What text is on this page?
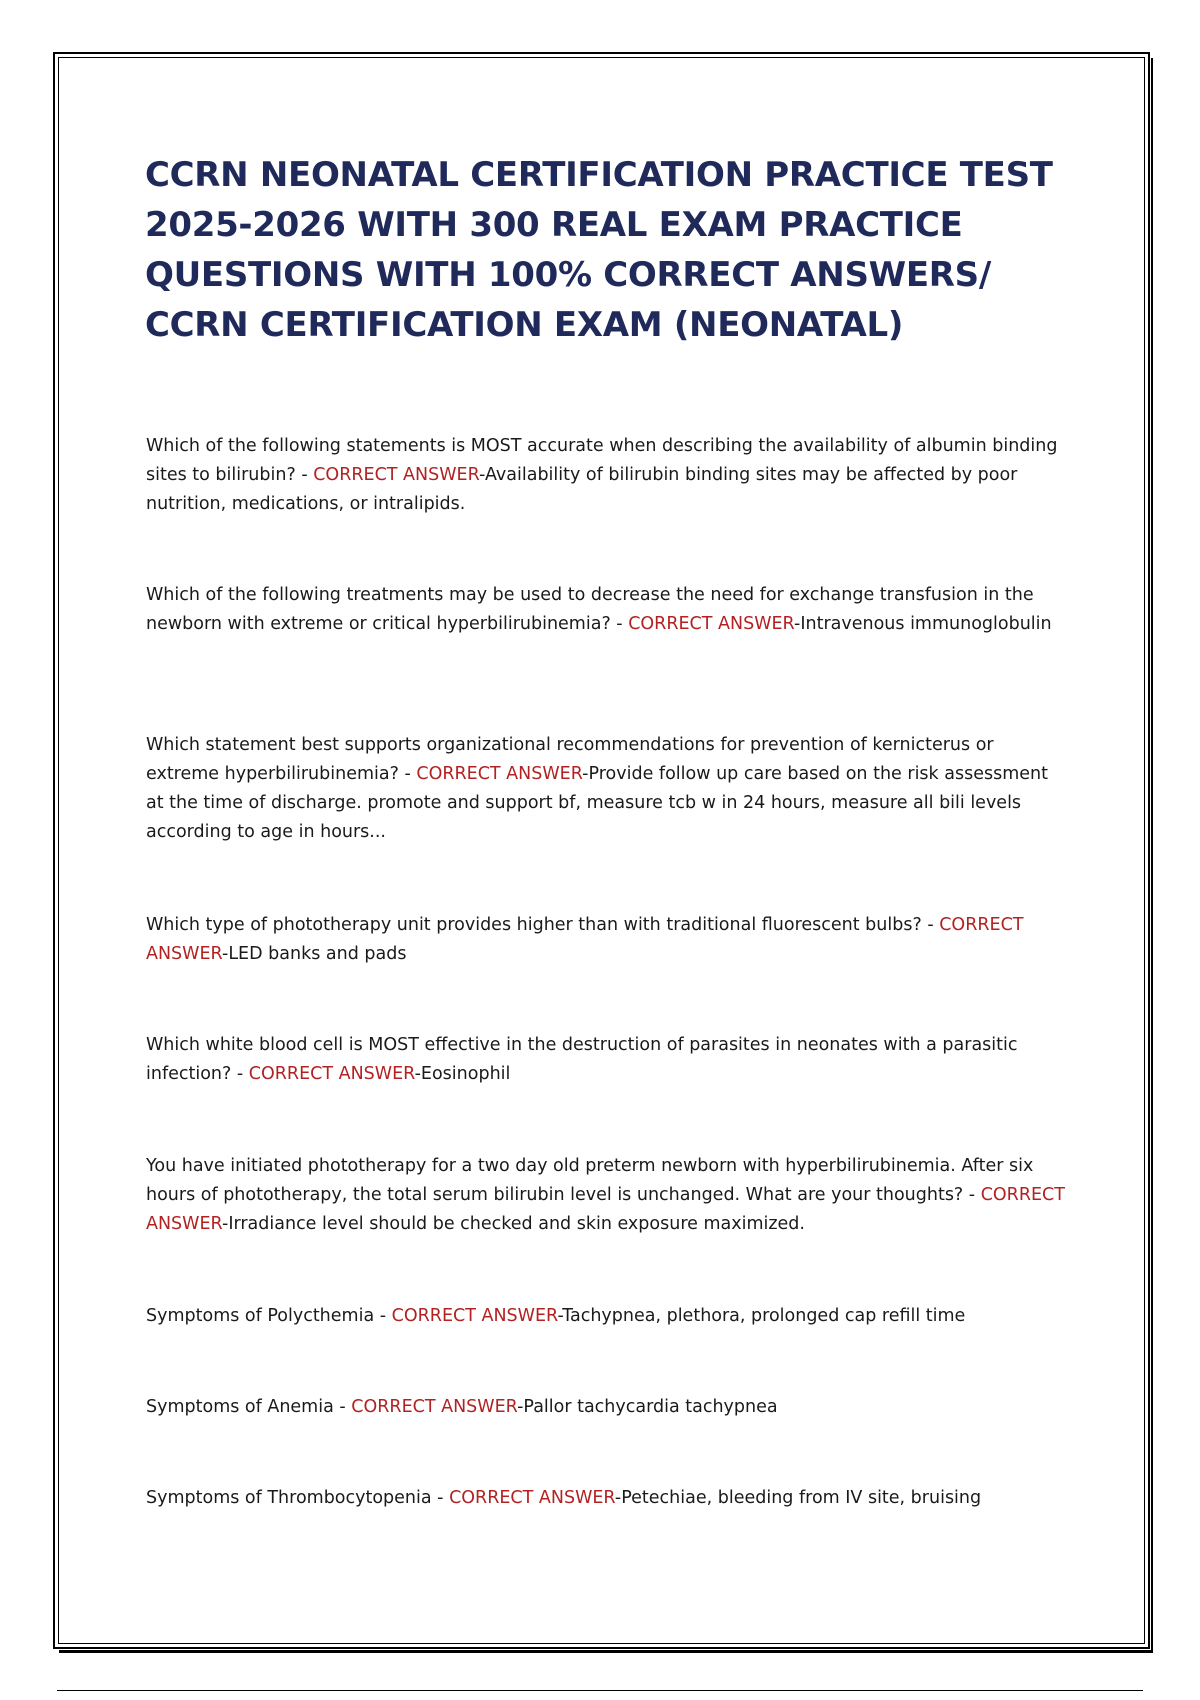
CCRN NEONATAL CERTIFICATION PRACTICE TEST 2025-2026 WITH 300 REAL EXAM PRACTICE QUESTIONS WITH 100% CORRECT ANSWERS/ CCRN CERTIFICATION EXAM (NEONATAL)
Which of the following statements is MOST accurate when describing the availability of albumin binding sites to bilirubin? - CORRECT ANSWER-Availability of bilirubin binding sites may be affected by poor nutrition, medications, or intralipids.
Which of the following treatments may be used to decrease the need for exchange transfusion in the newborn with extreme or critical hyperbilirubinemia? - CORRECT ANSWER-Intravenous immunoglobulin
Which statement best supports organizational recommendations for prevention of kernicterus or extreme hyperbilirubinemia? - CORRECT ANSWER-Provide follow up care based on the risk assessment at the time of discharge. promote and support bf, measure tcb w in 24 hours, measure all bili levels according to age in hours...
Which type of phototherapy unit provides higher than with traditional fluorescent bulbs? - CORRECT ANSWER-LED banks and pads
Which white blood cell is MOST effective in the destruction of parasites in neonates with a parasitic infection? - CORRECT ANSWER-Eosinophil
You have initiated phototherapy for a two day old preterm newborn with hyperbilirubinemia. After six hours of phototherapy, the total serum bilirubin level is unchanged. What are your thoughts? - CORRECT ANSWER-Irradiance level should be checked and skin exposure maximized.
Symptoms of Polycthemia - CORRECT ANSWER-Tachypnea, plethora, prolonged cap refill time
Symptoms of Anemia - CORRECT ANSWER-Pallor tachycardia tachypnea
Symptoms of Thrombocytopenia - CORRECT ANSWER-Petechiae, bleeding from IV site, bruising
